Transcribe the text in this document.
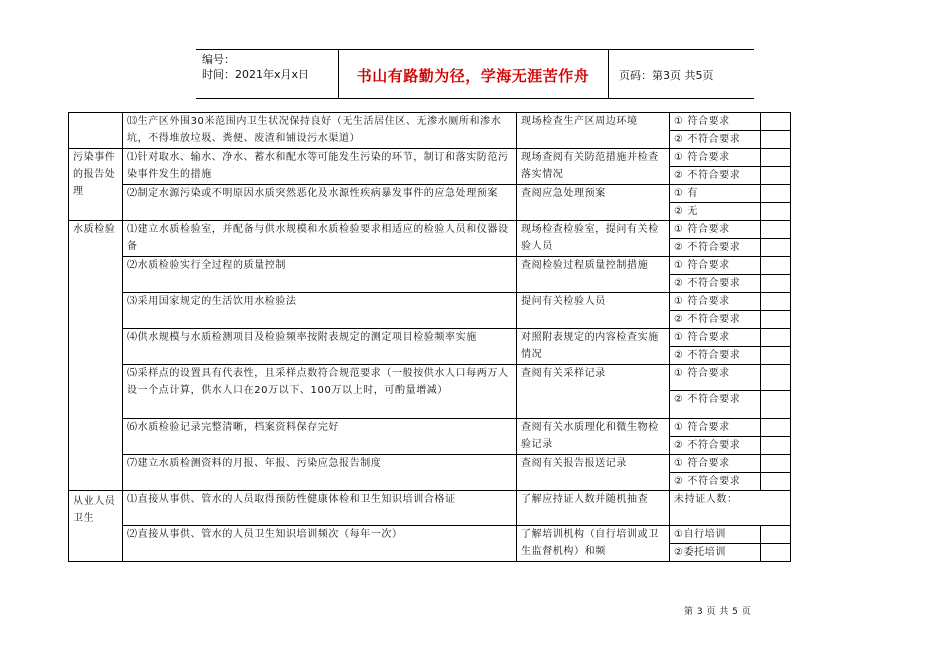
编号：
时间：2021年x月x日	书山有路勤为径，学海无涯苦作舟	页码：第3页 共5页
	⒀生产区外围30米范围内卫生状况保持良好（无生活居住区、无渗水厕所和渗水坑，不得堆放垃圾、粪便、废渣和铺设污水渠道）	现场检查生产区周边环境	① 符合要求	
			② 不符合要求	
污染事件的报告处理	⑴针对取水、输水、净水、蓄水和配水等可能发生污染的环节，制订和落实防范污染事件发生的措施	现场查阅有关防范措施并检查落实情况	① 符合要求	
			② 不符合要求	
	⑵制定水源污染或不明原因水质突然恶化及水源性疾病暴发事件的应急处理预案	查阅应急处理预案	① 有	
			② 无	
水质检验	⑴建立水质检验室，并配备与供水规模和水质检验要求相适应的检验人员和仪器设备	现场检查检验室，提问有关检验人员	① 符合要求	
			② 不符合要求	
	⑵水质检验实行全过程的质量控制	查阅检验过程质量控制措施	① 符合要求	
			② 不符合要求	
	⑶采用国家规定的生活饮用水检验法	提问有关检验人员	① 符合要求	
			② 不符合要求	
	⑷供水规模与水质检测项目及检验频率按附表规定的测定项目检验频率实施	对照附表规定的内容检查实施情况	① 符合要求	
			② 不符合要求	
	⑸采样点的设置具有代表性，且采样点数符合规范要求（一般按供水人口每两万人设一个点计算，供水人口在20万以下、100万以上时，可酌量增减）	查阅有关采样记录	① 符合要求	
			② 不符合要求	
	⑹水质检验记录完整清晰，档案资料保存完好	查阅有关水质理化和微生物检验记录	① 符合要求	
			② 不符合要求	
	⑺建立水质检测资料的月报、年报、污染应急报告制度	查阅有关报告报送记录	① 符合要求	
			② 不符合要求	
从业人员卫生	⑴直接从事供、管水的人员取得预防性健康体检和卫生知识培训合格证	了解应持证人数并随机抽查	未持证人数：	
	⑵直接从事供、管水的人员卫生知识培训频次（每年一次）	了解培训机构（自行培训或卫生监督机构）和频	①自行培训	
			②委托培训	
第 3 页 共 5 页
